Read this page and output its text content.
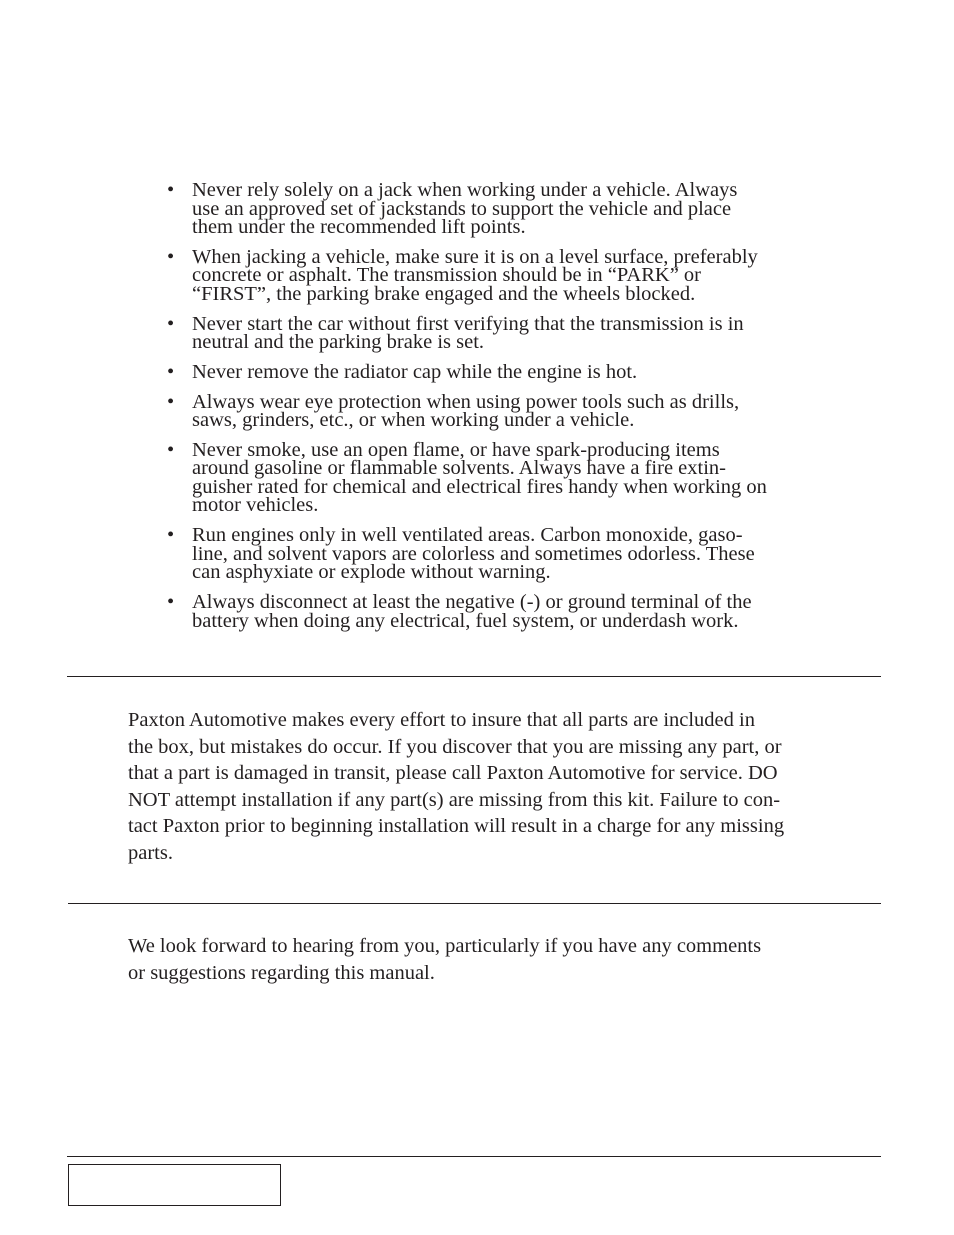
• Never rely solely on a jack when working under a vehicle. Always
use an approved set of jackstands to support the vehicle and place
them under the recommended lift points.
• When jacking a vehicle, make sure it is on a level surface, preferably
concrete or asphalt. The transmission should be in “PARK” or
“FIRST”, the parking brake engaged and the wheels blocked.
• Never start the car without first verifying that the transmission is in
neutral and the parking brake is set.
• Never remove the radiator cap while the engine is hot.
• Always wear eye protection when using power tools such as drills,
saws, grinders, etc., or when working under a vehicle.
• Never smoke, use an open flame, or have spark-producing items
around gasoline or flammable solvents. Always have a fire extin-
guisher rated for chemical and electrical fires handy when working on
motor vehicles.
• Run engines only in well ventilated areas. Carbon monoxide, gaso-
line, and solvent vapors are colorless and sometimes odorless. These
can asphyxiate or explode without warning.
• Always disconnect at least the negative (-) or ground terminal of the
battery when doing any electrical, fuel system, or underdash work.

Paxton Automotive makes every effort to insure that all parts are included in
the box, but mistakes do occur. If you discover that you are missing any part, or
that a part is damaged in transit, please call Paxton Automotive for service. DO
NOT attempt installation if any part(s) are missing from this kit. Failure to con-
tact Paxton prior to beginning installation will result in a charge for any missing
parts.

We look forward to hearing from you, particularly if you have any comments
or suggestions regarding this manual.
